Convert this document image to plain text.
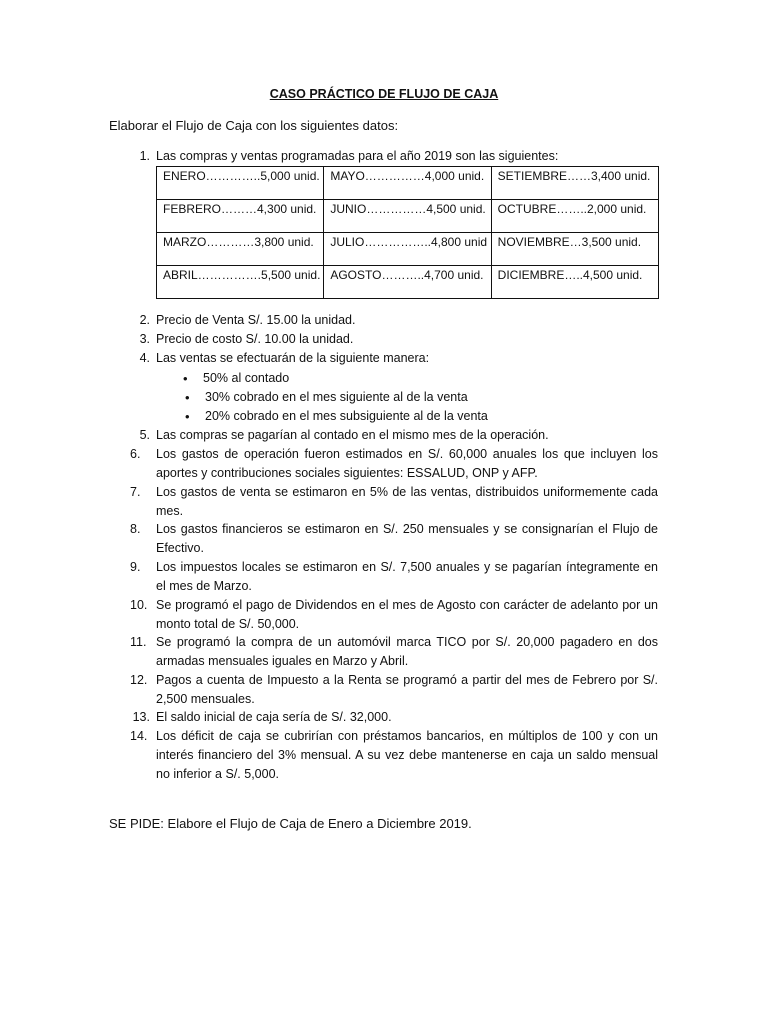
CASO PRÁCTICO DE FLUJO DE CAJA
Elaborar el Flujo de Caja con los siguientes datos:
1. Las compras y ventas programadas para el año 2019 son las siguientes:
ENERO…………..5,000 unid.	MAYO……………4,000 unid.	SETIEMBRE……3,400 unid.
FEBRERO………4,300 unid.	JUNIO……………4,500 unid.	OCTUBRE……..2,000 unid.
MARZO…………3,800 unid.	JULIO……………..4,800 unid	NOVIEMBRE…3,500 unid.
ABRIL…………….5,500 unid.	AGOSTO………..4,700 unid.	DICIEMBRE…..4,500 unid.
2. Precio de Venta S/. 15.00 la unidad.
3. Precio de costo S/. 10.00 la unidad.
4. Las ventas se efectuarán de la siguiente manera:
• 50% al contado
• 30% cobrado en el mes siguiente al de la venta
• 20% cobrado en el mes subsiguiente al de la venta
5. Las compras se pagarían al contado en el mismo mes de la operación.
6.	Los gastos de operación fueron estimados en S/. 60,000 anuales los que incluyen los aportes y contribuciones sociales siguientes: ESSALUD, ONP y AFP.
7.	Los gastos de venta se estimaron en 5% de las ventas, distribuidos uniformemente cada mes.
8.	Los gastos financieros se estimaron en S/. 250 mensuales y se consignarían el Flujo de Efectivo.
9.	Los impuestos locales se estimaron en S/. 7,500 anuales y se pagarían íntegramente en el mes de Marzo.
10. Se programó el pago de Dividendos en el mes de Agosto con carácter de adelanto por un monto total de S/. 50,000.
11. Se programó la compra de un automóvil marca TICO por S/. 20,000 pagadero en dos armadas mensuales iguales en Marzo y Abril.
12. Pagos a cuenta de Impuesto a la Renta se programó a partir del mes de Febrero por S/. 2,500 mensuales.
13. El saldo inicial de caja sería de S/. 32,000.
14. Los déficit de caja se cubrirían con préstamos bancarios, en múltiplos de 100 y con un interés financiero del 3% mensual. A su vez debe mantenerse en caja un saldo mensual no inferior a S/. 5,000.
SE PIDE: Elabore el Flujo de Caja de Enero a Diciembre 2019.
